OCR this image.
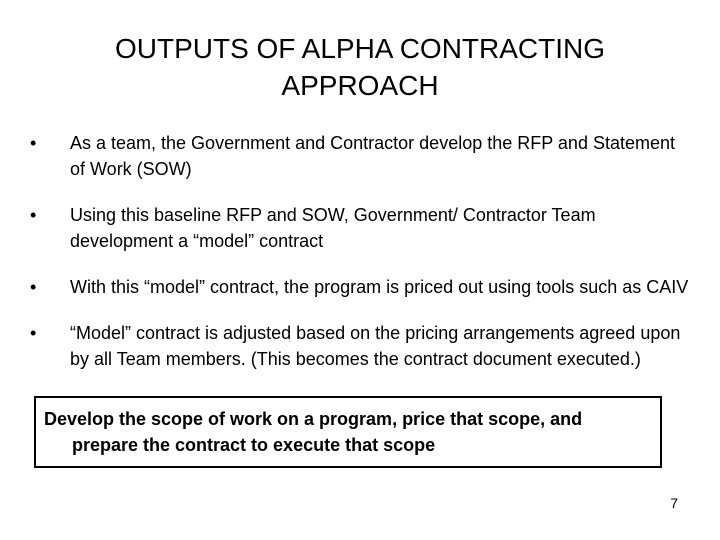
OUTPUTS OF ALPHA CONTRACTING APPROACH
•	As a team, the Government and Contractor develop the RFP and Statement of Work (SOW)
•	Using this baseline RFP and SOW, Government/ Contractor Team development a “model” contract
•	With this “model” contract, the program is priced out using tools such as CAIV
•	“Model” contract is adjusted based on the pricing arrangements agreed upon by all Team members. (This becomes the contract document executed.)
Develop the scope of work on a program, price that scope, and prepare the contract to execute that scope
7
